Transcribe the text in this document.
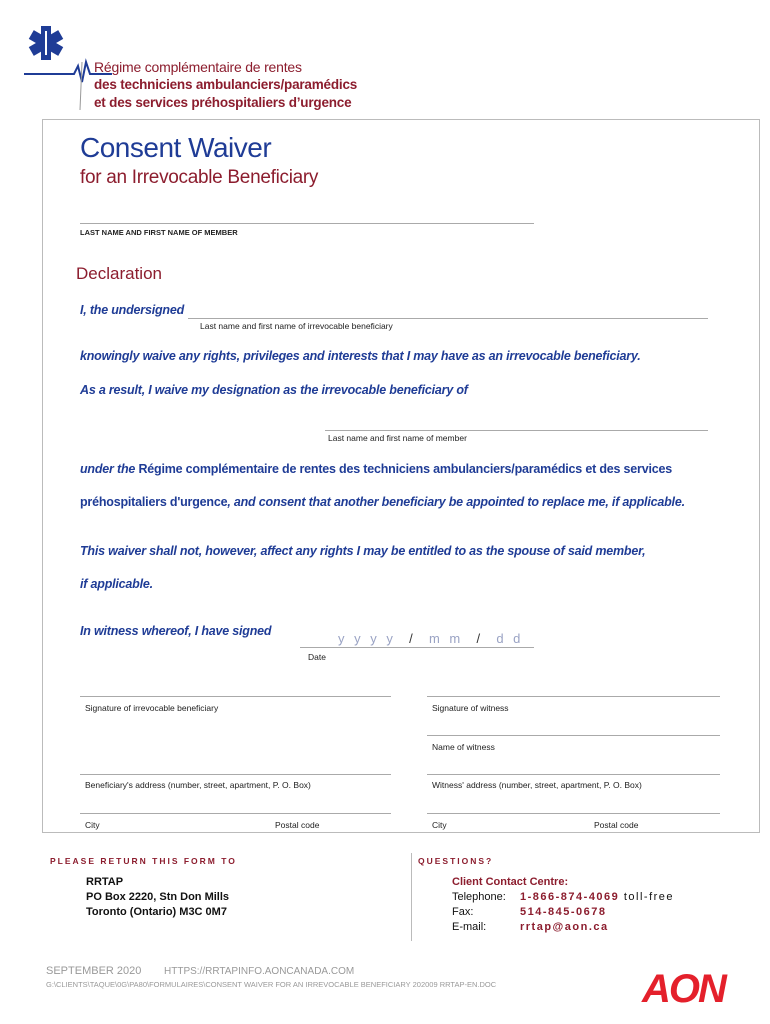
Régime complémentaire de rentes
des techniciens ambulanciers/paramédics
et des services préhospitaliers d’urgence
Consent Waiver
for an Irrevocable Beneficiary
LAST NAME AND FIRST NAME OF MEMBER
Declaration
I, the undersigned
Last name and first name of irrevocable beneficiary
knowingly waive any rights, privileges and interests that I may have as an irrevocable beneficiary.
As a result, I waive my designation as the irrevocable beneficiary of
Last name and first name of member
under the Régime complémentaire de rentes des techniciens ambulanciers/paramédics et des services
préhospitaliers d'urgence, and consent that another beneficiary be appointed to replace me, if applicable.
This waiver shall not, however, affect any rights I may be entitled to as the spouse of said member,
if applicable.
In witness whereof, I have signed	y y y y / m m / d d
Date
Signature of irrevocable beneficiary
Beneficiary's address (number, street, apartment, P. O. Box)
City	Postal code
Signature of witness
Name of witness
Witness' address (number, street, apartment, P. O. Box)
City	Postal code
PLEASE RETURN THIS FORM TO
RRTAP
PO Box 2220, Stn Don Mills
Toronto (Ontario) M3C 0M7
QUESTIONS?
Client Contact Centre:
Telephone: 1-866-874-4069 toll-free
Fax:	514-845-0678
E-mail:	rrtap@aon.ca
SEPTEMBER 2020 HTTPS://RRTAPINFO.AONCANADA.COM
G:\CLIENTS\TAQUE\0G\PA80\FORMULAIRES\CONSENT WAIVER FOR AN IRREVOCABLE BENEFICIARY 202009 RRTAP-EN.DOC	AON
